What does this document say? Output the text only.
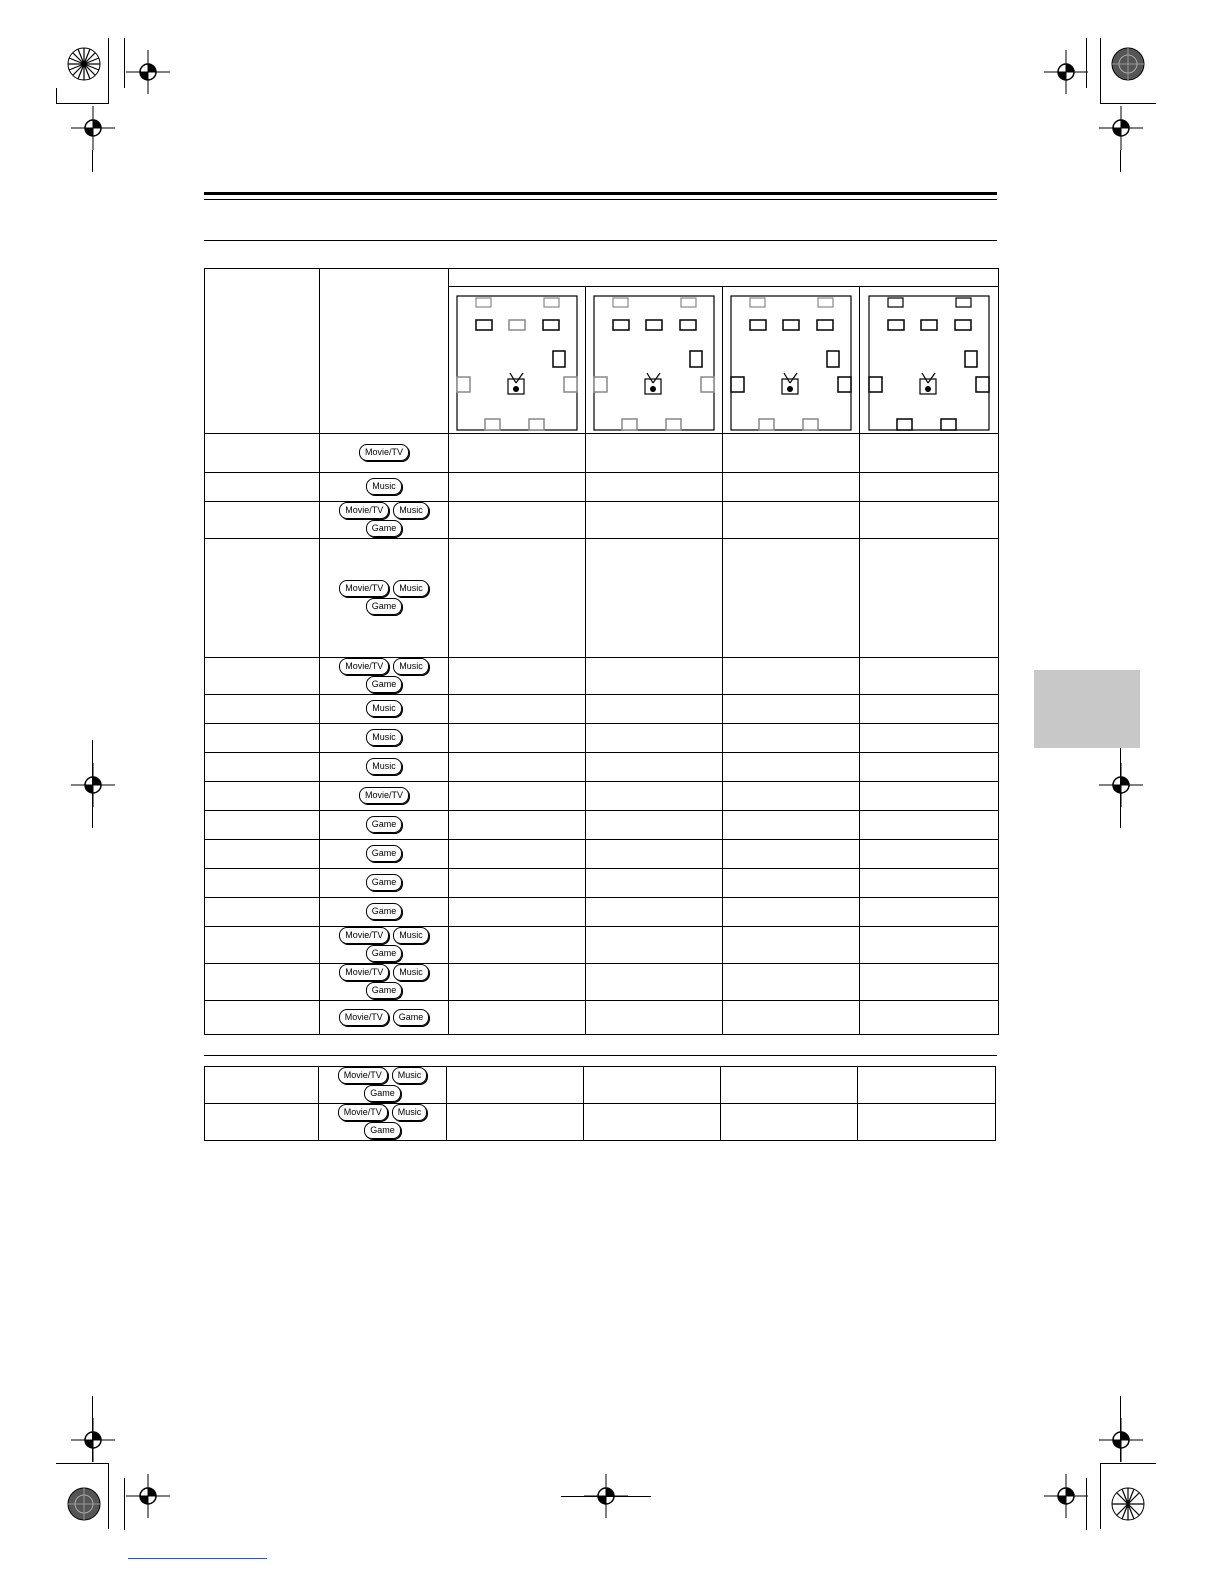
	Movie/TV				
	Music				
	Movie/TV MusicGame				
	Movie/TV MusicGame				
	Movie/TV MusicGame				
	Music				
	Music				
	Music				
	Movie/TV				
	Game				
	Game				
	Game				
	Game				
	Movie/TV MusicGame				
	Movie/TV MusicGame				
	Movie/TV Game				
	Movie/TV MusicGame				
	Movie/TV MusicGame				
